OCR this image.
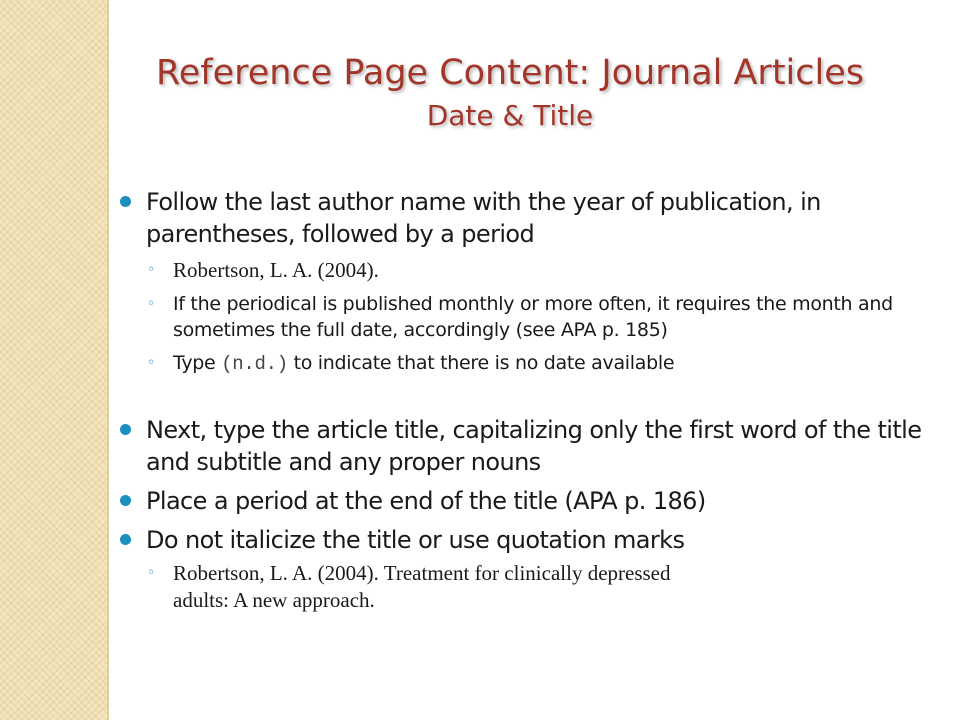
Reference Page Content: Journal Articles
Date & Title
Follow the last author name with the year of publication, in parentheses, followed by a period
◦ Robertson, L. A. (2004).
◦ If the periodical is published monthly or more often, it requires the month and sometimes the full date, accordingly (see APA p. 185)
◦ Type (n.d.) to indicate that there is no date available
Next, type the article title, capitalizing only the first word of the title and subtitle and any proper nouns
Place a period at the end of the title (APA p. 186)
Do not italicize the title or use quotation marks
◦ Robertson, L. A. (2004). Treatment for clinically depressed adults: A new approach.
